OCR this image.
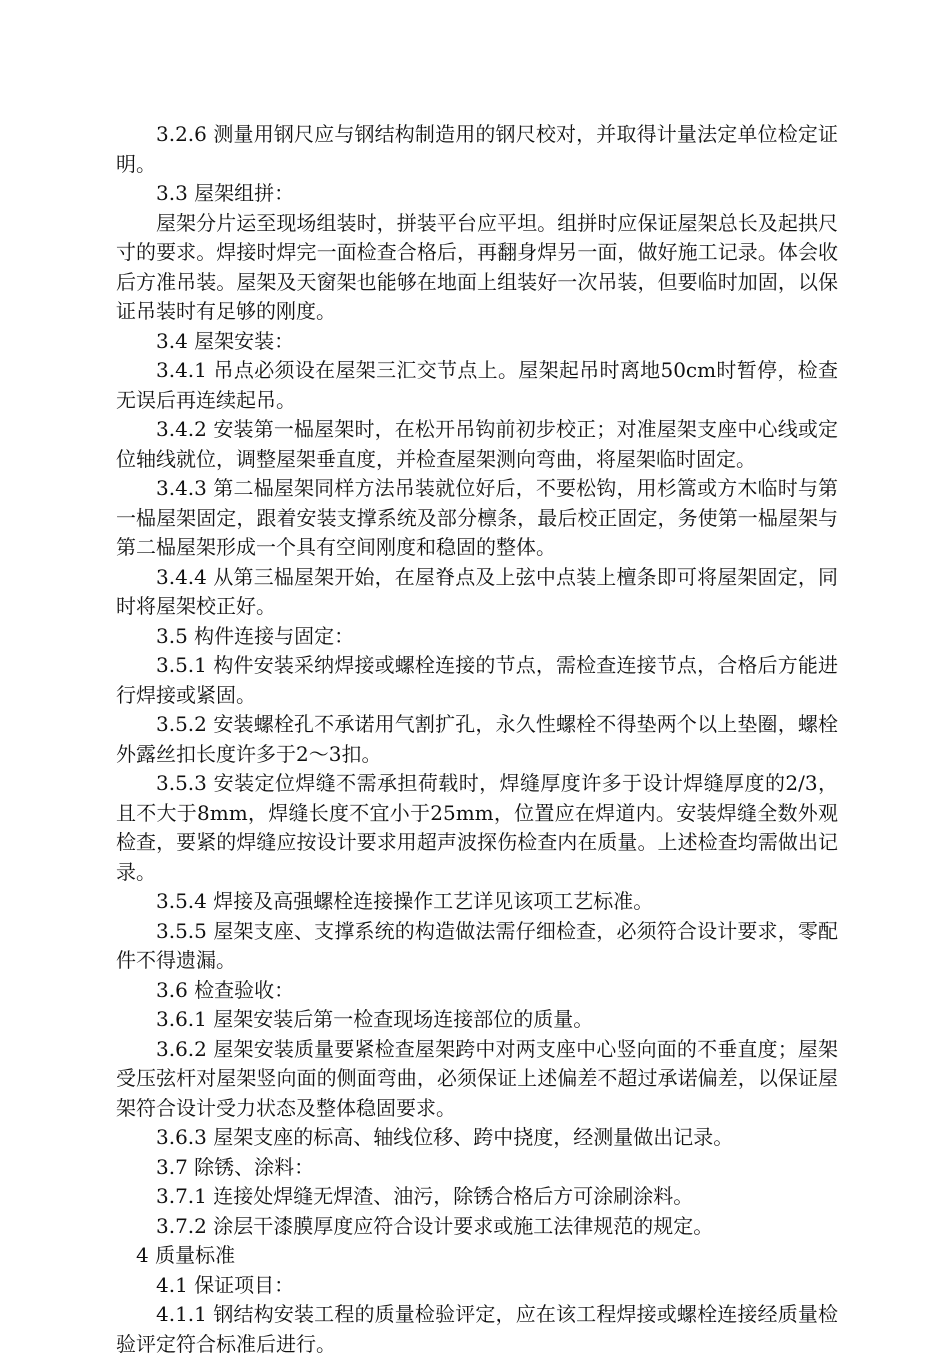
3.2.6 测量用钢尺应与钢结构制造用的钢尺校对，并取得计量法定单位检定证明。

3.3 屋架组拼：

屋架分片运至现场组装时，拼装平台应平坦。组拼时应保证屋架总长及起拱尺寸的要求。焊接时焊完一面检查合格后，再翻身焊另一面，做好施工记录。体会收后方准吊装。屋架及天窗架也能够在地面上组装好一次吊装，但要临时加固，以保证吊装时有足够的刚度。

3.4 屋架安装：

3.4.1 吊点必须设在屋架三汇交节点上。屋架起吊时离地50cm时暂停，检查无误后再连续起吊。

3.4.2 安装第一榀屋架时，在松开吊钩前初步校正；对准屋架支座中心线或定位轴线就位，调整屋架垂直度，并检查屋架测向弯曲，将屋架临时固定。

3.4.3 第二榀屋架同样方法吊装就位好后，不要松钩，用杉篙或方木临时与第一榀屋架固定，跟着安装支撑系统及部分檩条，最后校正固定，务使第一榀屋架与第二榀屋架形成一个具有空间刚度和稳固的整体。

3.4.4 从第三榀屋架开始，在屋脊点及上弦中点装上檀条即可将屋架固定，同时将屋架校正好。

3.5 构件连接与固定：

3.5.1 构件安装采纳焊接或螺栓连接的节点，需检查连接节点，合格后方能进行焊接或紧固。

3.5.2 安装螺栓孔不承诺用气割扩孔，永久性螺栓不得垫两个以上垫圈，螺栓外露丝扣长度许多于2～3扣。

3.5.3 安装定位焊缝不需承担荷载时，焊缝厚度许多于设计焊缝厚度的2/3，且不大于8mm，焊缝长度不宜小于25mm，位置应在焊道内。安装焊缝全数外观检查，要紧的焊缝应按设计要求用超声波探伤检查内在质量。上述检查均需做出记录。

3.5.4 焊接及高强螺栓连接操作工艺详见该项工艺标准。

3.5.5 屋架支座、支撑系统的构造做法需仔细检查，必须符合设计要求，零配件不得遗漏。

3.6 检查验收：

3.6.1 屋架安装后第一检查现场连接部位的质量。

3.6.2 屋架安装质量要紧检查屋架跨中对两支座中心竖向面的不垂直度；屋架受压弦杆对屋架竖向面的侧面弯曲，必须保证上述偏差不超过承诺偏差，以保证屋架符合设计受力状态及整体稳固要求。

3.6.3 屋架支座的标高、轴线位移、跨中挠度，经测量做出记录。

3.7 除锈、涂料：

3.7.1 连接处焊缝无焊渣、油污，除锈合格后方可涂刷涂料。

3.7.2 涂层干漆膜厚度应符合设计要求或施工法律规范的规定。

4 质量标准

4.1 保证项目：

4.1.1 钢结构安装工程的质量检验评定，应在该工程焊接或螺栓连接经质量检验评定符合标准后进行。
